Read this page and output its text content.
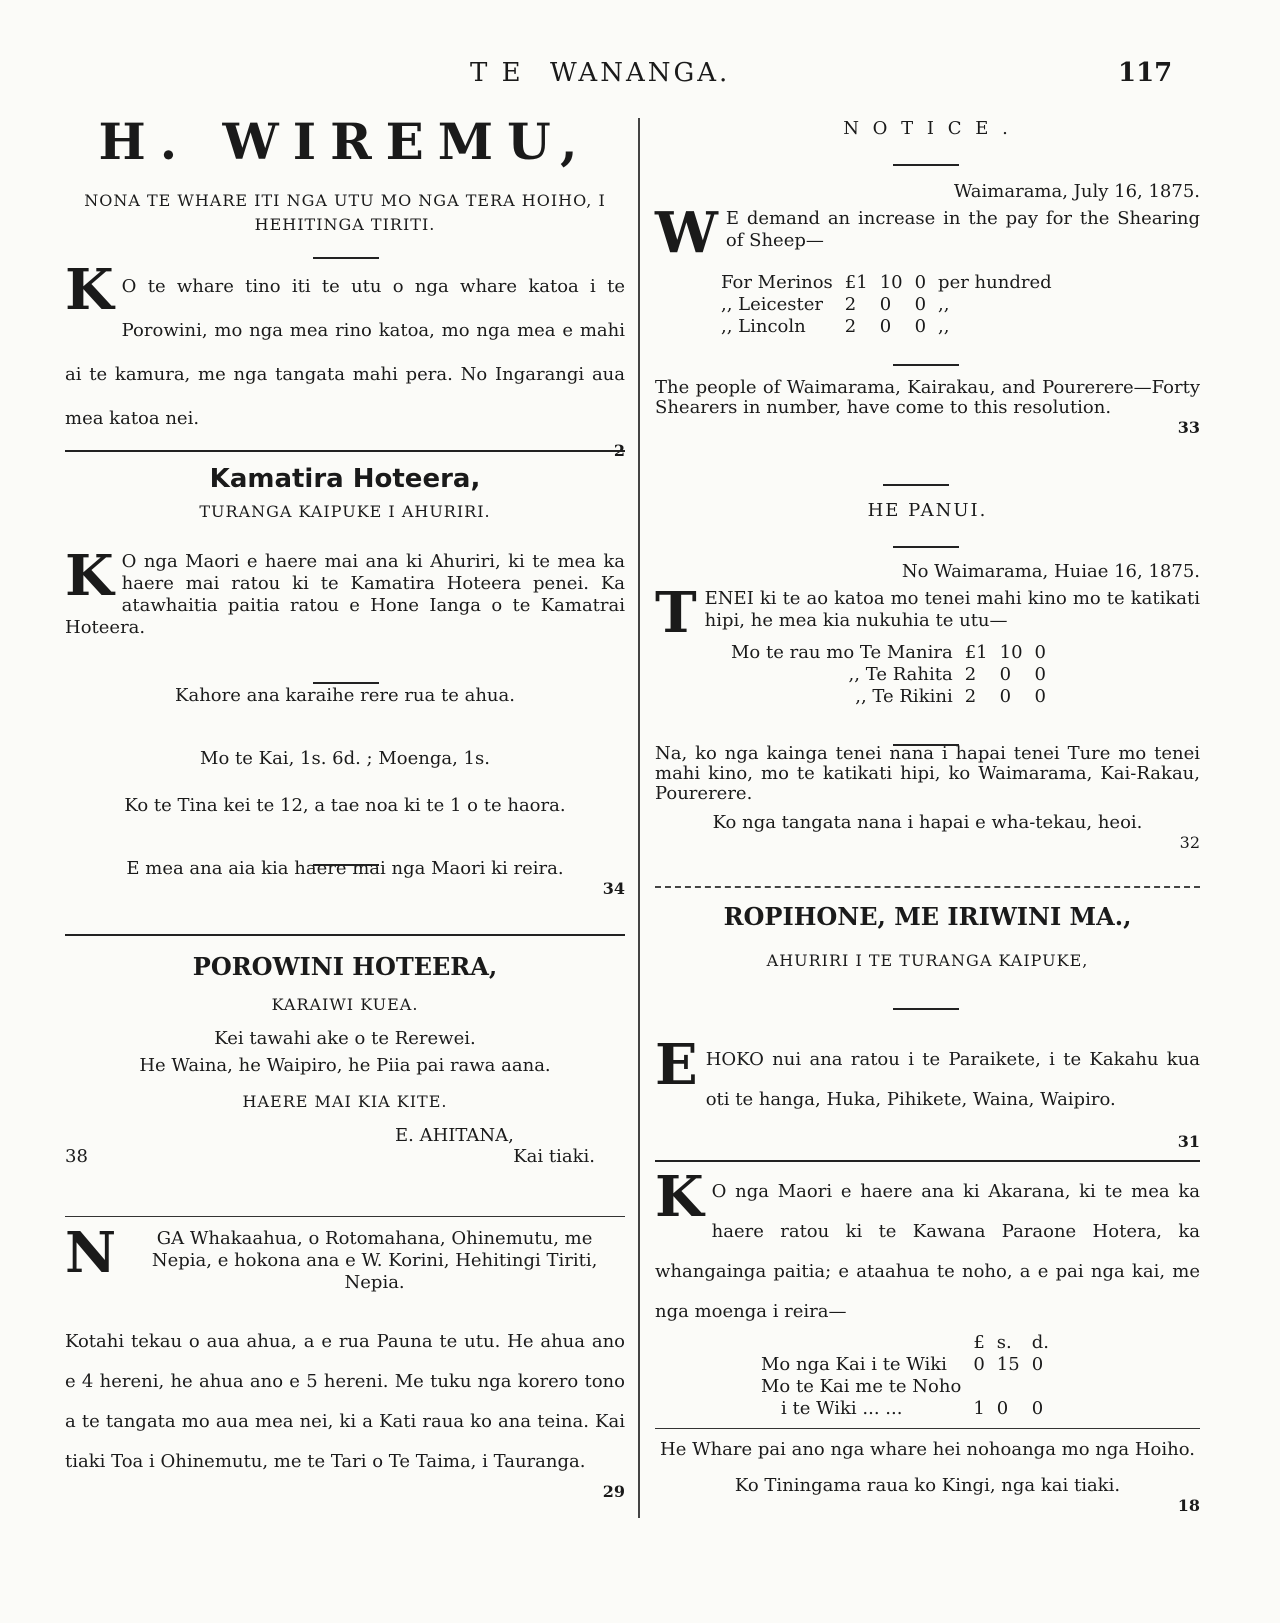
T E WANANGA.	117
H. WIREMU,
NONA TE WHARE ITI NGA UTU MO NGA TERA HOIHO, I HEHITINGA TIRITI.
K O te whare tino iti te utu o nga whare katoa i te Porowini, mo nga mea rino katoa, mo nga mea e mahi ai te kamura, me nga tangata mahi pera. No Ingarangi aua mea katoa nei.
2
Kamatira Hoteera,
TURANGA KAIPUKE I AHURIRI.
K O nga Maori e haere mai ana ki Ahuriri, ki te mea ka haere mai ratou ki te Kamatira Hoteera penei. Ka atawhaitia paitia ratou e Hone Ianga o te Kamatrai Hoteera.
Kahore ana karaihe rere rua te ahua.
Mo te Kai, 1s. 6d. ; Moenga, 1s.
Ko te Tina kei te 12, a tae noa ki te 1 o te haora.
E mea ana aia kia haere mai nga Maori ki reira.
34
POROWINI HOTEERA,
KARAIWI KUEA.
Kei tawahi ake o te Rerewei.
He Waina, he Waipiro, he Piia pai rawa aana.
HAERE MAI KIA KITE.
E. AHITANA,
38	Kai tiaki.
N GA Whakaahua, o Rotomahana, Ohinemutu, me Nepia, e hokona ana e W. Korini, Hehitingi Tiriti, Nepia.
Kotahi tekau o aua ahua, a e rua Pauna te utu. He ahua ano e 4 hereni, he ahua ano e 5 hereni. Me tuku nga korero tono a te tangata mo aua mea nei, ki a Kati raua ko ana teina. Kai tiaki Toa i Ohinemutu, me te Tari o Te Taima, i Tauranga.
29
N O T I C E .
Waimarama, July 16, 1875.
W E demand an increase in the pay for the Shearing of Sheep—
For Merinos	£1	10	0	per hundred
,, Leicester	2	0	0	,,
,, Lincoln	2	0	0	,,
The people of Waimarama, Kairakau, and Pourerere—Forty Shearers in number, have come to this resolution.
33
HE PANUI.
No Waimarama, Huiae 16, 1875.
T ENEI ki te ao katoa mo tenei mahi kino mo te katikati hipi, he mea kia nukuhia te utu—
Mo te rau mo Te Manira	£1	10	0
,, Te Rahita	2	0	0
,, Te Rikini	2	0	0
Na, ko nga kainga tenei nana i hapai tenei Ture mo tenei mahi kino, mo te katikati hipi, ko Waimarama, Kai-Rakau, Pourerere.
Ko nga tangata nana i hapai e wha-tekau, heoi.
32
ROPIHONE, ME IRIWINI MA.,
AHURIRI I TE TURANGA KAIPUKE,
E HOKO nui ana ratou i te Paraikete, i te Kakahu kua oti te hanga, Huka, Pihikete, Waina, Waipiro.
31
K O nga Maori e haere ana ki Akarana, ki te mea ka haere ratou ki te Kawana Paraone Hotera, ka whangainga paitia; e ataahua te noho, a e pai nga kai, me nga moenga i reira—
	£	s.	d.
Mo nga Kai i te Wiki	0	15	0
Mo te Kai me te Noho			
i te Wiki ... ...	1	0	0
He Whare pai ano nga whare hei nohoanga mo nga Hoiho.
Ko Tiningama raua ko Kingi, nga kai tiaki.
18
